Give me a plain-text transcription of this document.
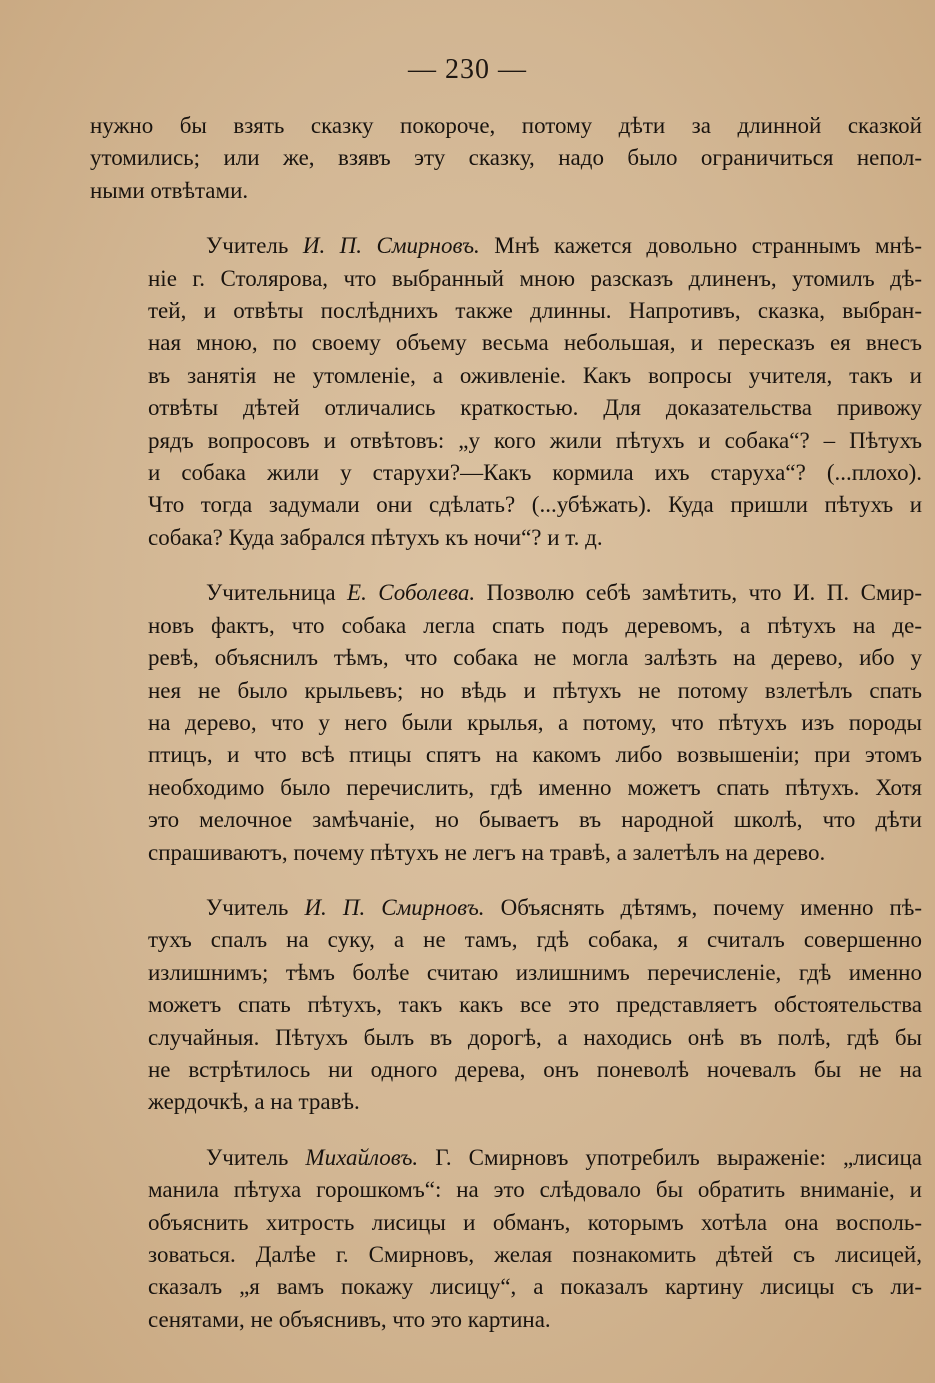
— 230 —
нужно бы взять сказку покороче, потому дѣти за длинной сказкой
утомились; или же, взявъ эту сказку, надо было ограничиться непол-
ными отвѣтами.
Учитель И. П. Смирновъ. Мнѣ кажется довольно страннымъ мнѣ-
ніе г. Столярова, что выбранный мною разсказъ длиненъ, утомилъ дѣ-
тей, и отвѣты послѣднихъ также длинны. Напротивъ, сказка, выбран-
ная мною, по своему объему весьма небольшая, и пересказъ ея внесъ
въ занятія не утомленіе, а оживленіе. Какъ вопросы учителя, такъ и
отвѣты дѣтей отличались краткостью. Для доказательства привожу
рядъ вопросовъ и отвѣтовъ: „у кого жили пѣтухъ и собака“? – Пѣтухъ
и собака жили у старухи?—Какъ кормила ихъ старуха“? (...плохо).
Что тогда задумали они сдѣлать? (...убѣжать). Куда пришли пѣтухъ и
собака? Куда забрался пѣтухъ къ ночи“? и т. д.
Учительница Е. Соболева. Позволю себѣ замѣтить, что И. П. Смир-
новъ фактъ, что собака легла спать подъ деревомъ, а пѣтухъ на де-
ревѣ, объяснилъ тѣмъ, что собака не могла залѣзть на дерево, ибо у
нея не было крыльевъ; но вѣдь и пѣтухъ не потому взлетѣлъ спать
на дерево, что у него были крылья, а потому, что пѣтухъ изъ породы
птицъ, и что всѣ птицы спятъ на какомъ либо возвышеніи; при этомъ
необходимо было перечислить, гдѣ именно можетъ спать пѣтухъ. Хотя
это мелочное замѣчаніе, но бываетъ въ народной школѣ, что дѣти
спрашиваютъ, почему пѣтухъ не легъ на травѣ, а залетѣлъ на дерево.
Учитель И. П. Смирновъ. Объяснять дѣтямъ, почему именно пѣ-
тухъ спалъ на суку, а не тамъ, гдѣ собака, я считалъ совершенно
излишнимъ; тѣмъ болѣе считаю излишнимъ перечисленіе, гдѣ именно
можетъ спать пѣтухъ, такъ какъ все это представляетъ обстоятельства
случайныя. Пѣтухъ былъ въ дорогѣ, а находись онѣ въ полѣ, гдѣ бы
не встрѣтилось ни одного дерева, онъ поневолѣ ночевалъ бы не на
жердочкѣ, а на травѣ.
Учитель Михайловъ. Г. Смирновъ употребилъ выраженіе: „лисица
манила пѣтуха горошкомъ“: на это слѣдовало бы обратить вниманіе, и
объяснить хитрость лисицы и обманъ, которымъ хотѣла она восполь-
зоваться. Далѣе г. Смирновъ, желая познакомить дѣтей съ лисицей,
сказалъ „я вамъ покажу лисицу“, а показалъ картину лисицы съ ли-
сенятами, не объяснивъ, что это картина.
